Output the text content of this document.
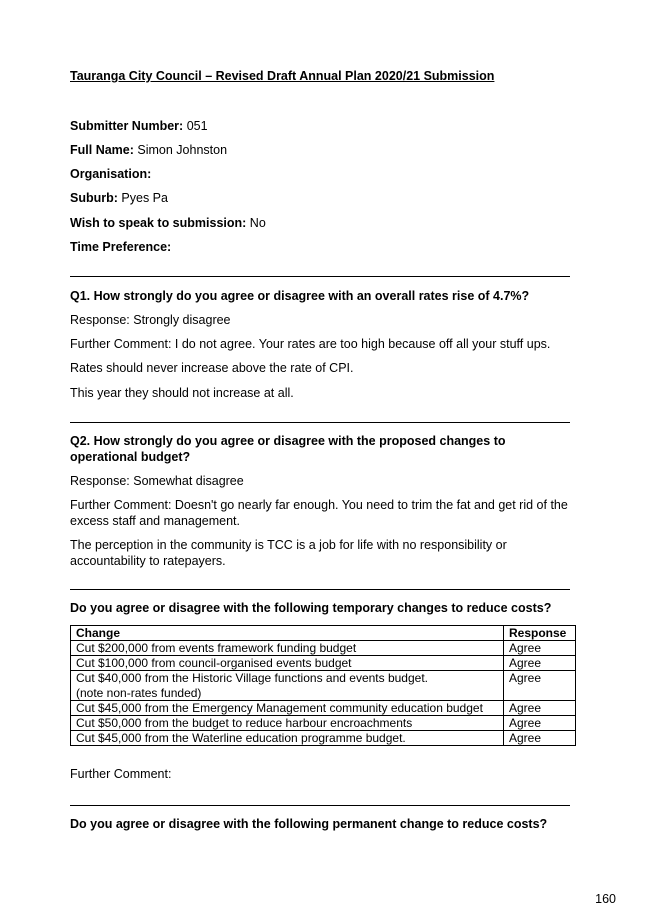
Tauranga City Council – Revised Draft Annual Plan 2020/21 Submission
Submitter Number: 051
Full Name: Simon Johnston
Organisation:
Suburb: Pyes Pa
Wish to speak to submission: No
Time Preference:
Q1. How strongly do you agree or disagree with an overall rates rise of 4.7%?
Response: Strongly disagree
Further Comment: I do not agree. Your rates are too high because off all your stuff ups.
Rates should never increase above the rate of CPI.
This year they should not increase at all.
Q2. How strongly do you agree or disagree with the proposed changes to operational budget?
Response: Somewhat disagree
Further Comment: Doesn't go nearly far enough. You need to trim the fat and get rid of the excess staff and management.
The perception in the community is TCC is a job for life with no responsibility or accountability to ratepayers.
Do you agree or disagree with the following temporary changes to reduce costs?
Change	Response
Cut $200,000 from events framework funding budget	Agree
Cut $100,000 from council-organised events budget	Agree

Cut $40,000 from the Historic Village functions and events budget.
(note non-rates funded)	Agree
Cut $45,000 from the Emergency Management community education budget	Agree
Cut $50,000 from the budget to reduce harbour encroachments	Agree
Cut $45,000 from the Waterline education programme budget.	Agree
Further Comment:
Do you agree or disagree with the following permanent change to reduce costs?
160
